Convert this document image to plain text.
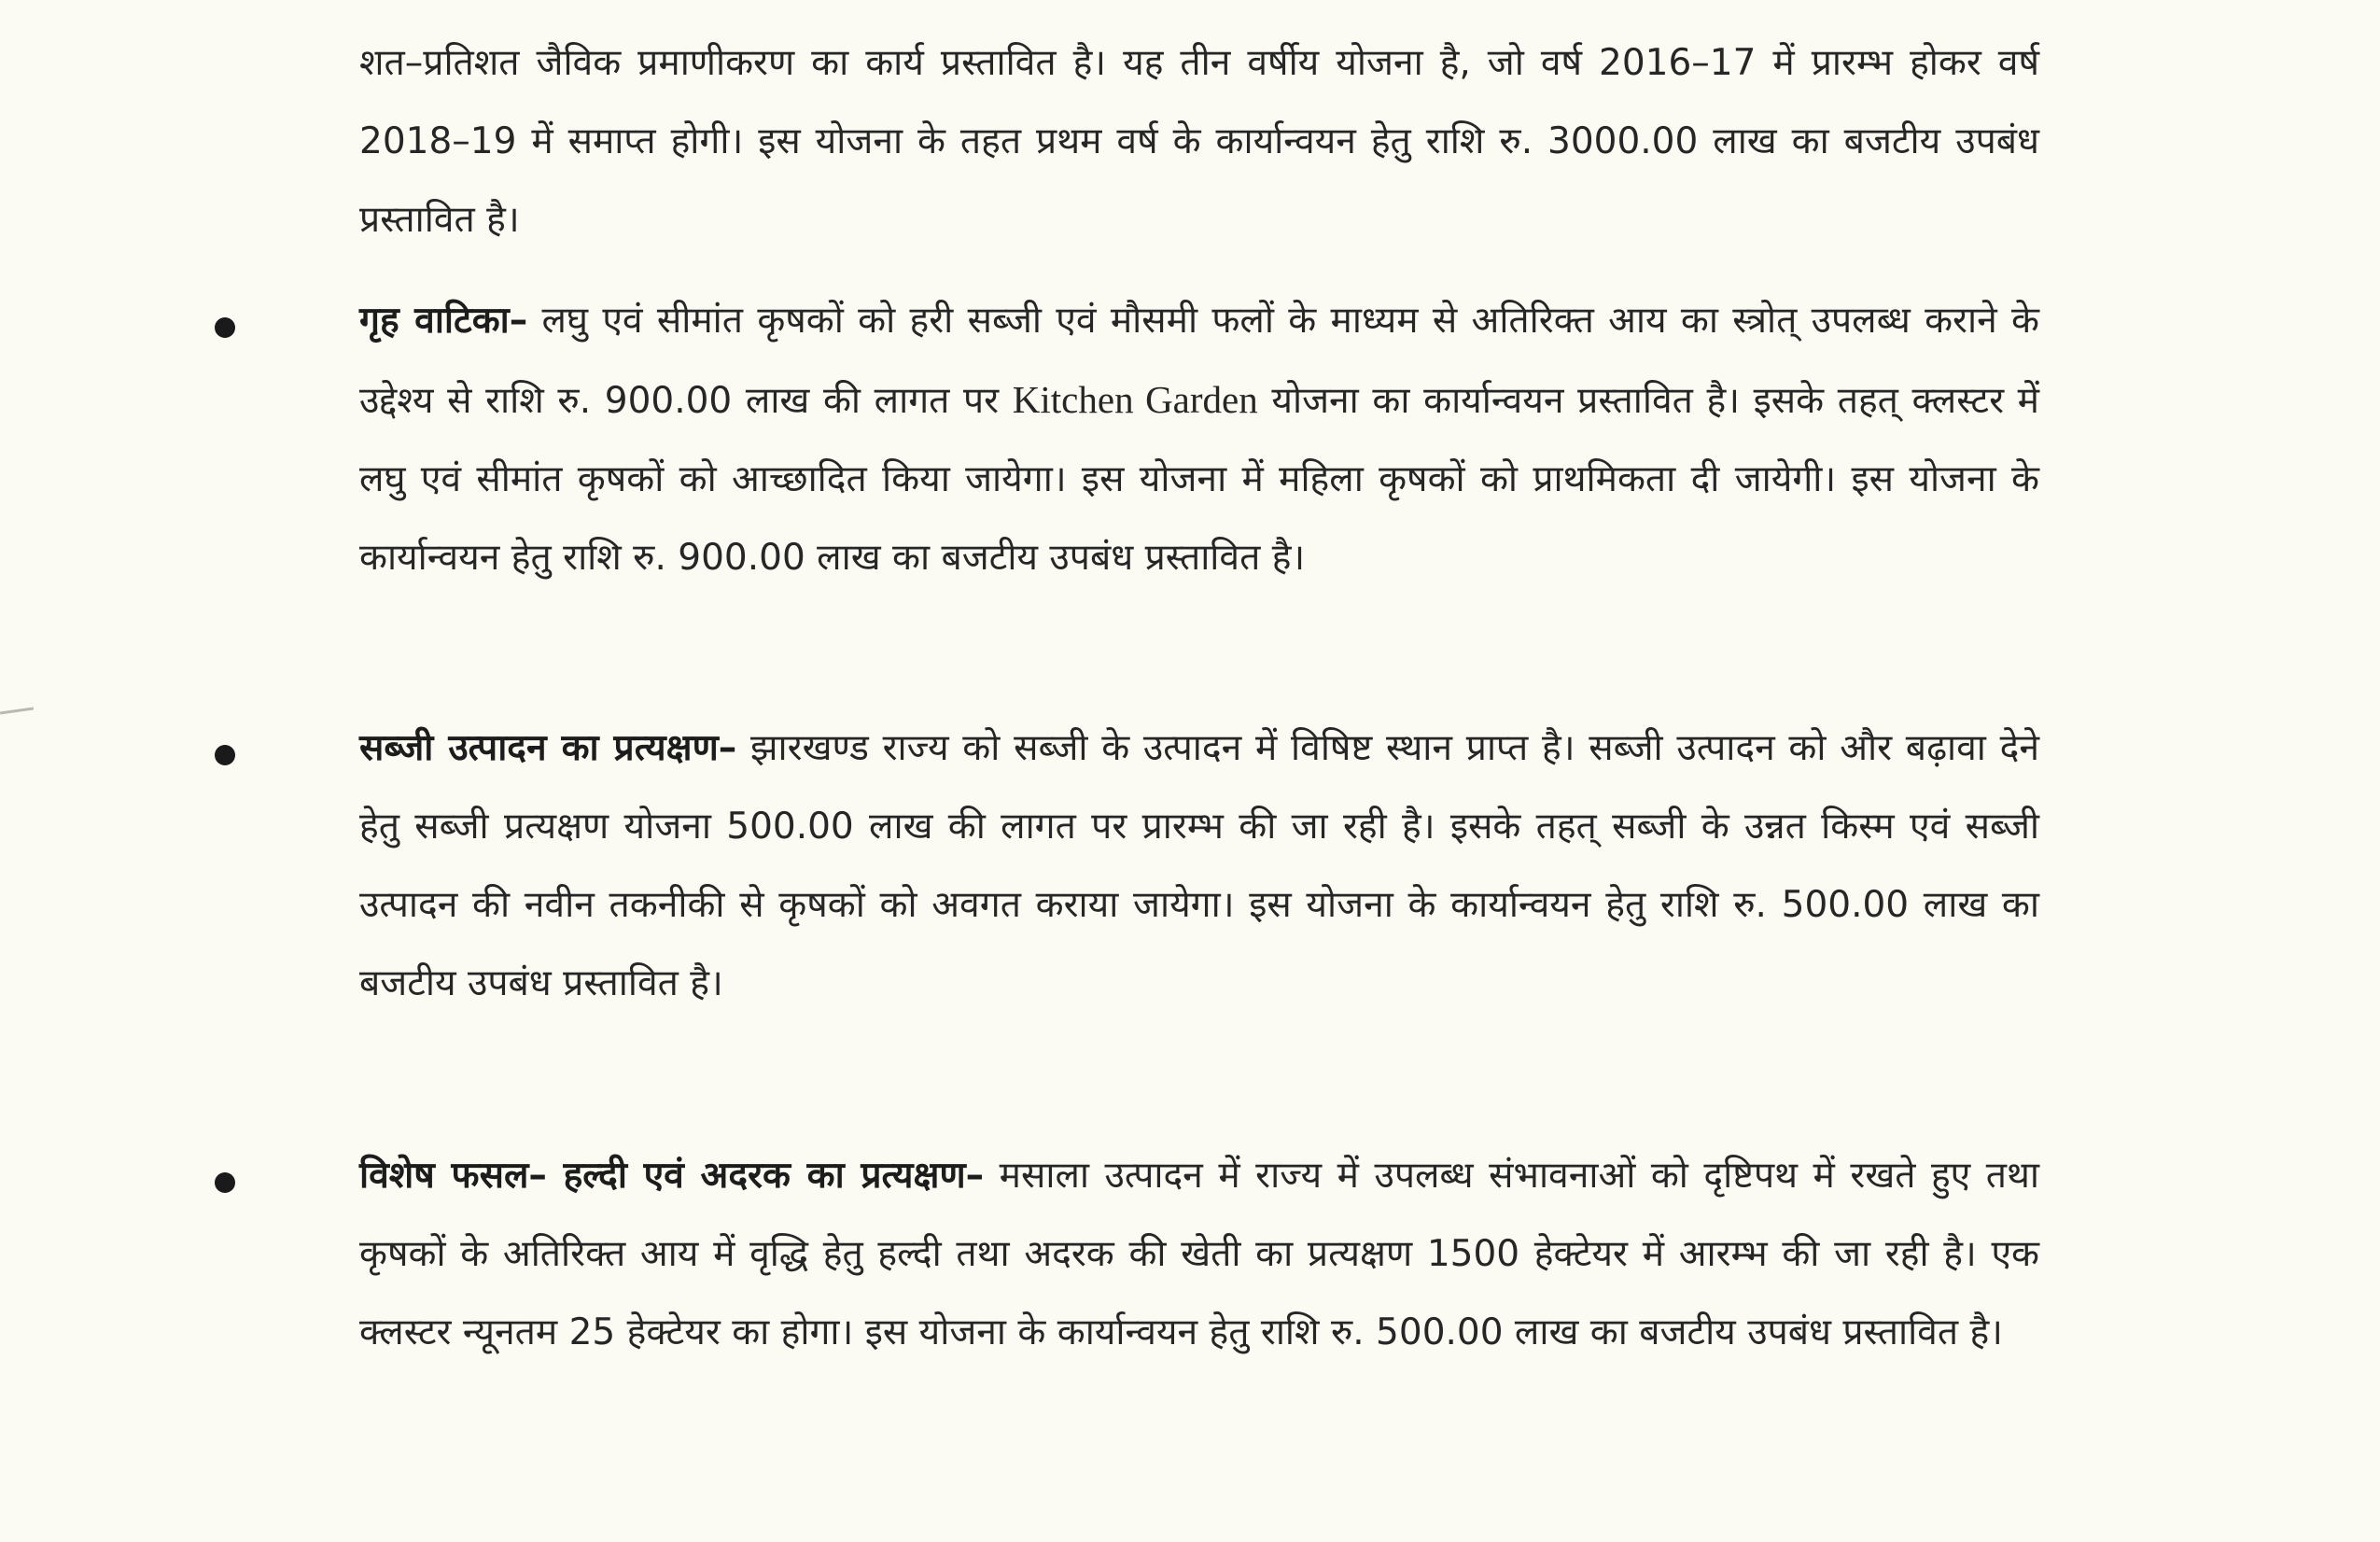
शत–प्रतिशत जैविक प्रमाणीकरण का कार्य प्रस्तावित है। यह तीन वर्षीय योजना है, जो वर्ष 2016–17 में प्रारम्भ होकर वर्ष 2018–19 में समाप्त होगी। इस योजना के तहत प्रथम वर्ष के कार्यान्वयन हेतु राशि रु. 3000.00 लाख का बजटीय उपबंध प्रस्तावित है।

गृह वाटिका– लघु एवं सीमांत कृषकों को हरी सब्जी एवं मौसमी फलों के माध्यम से अतिरिक्त आय का स्त्रोत् उपलब्ध कराने के उद्देश्य से राशि रु. 900.00 लाख की लागत पर Kitchen Garden योजना का कार्यान्वयन प्रस्तावित है। इसके तहत् क्लस्टर में लघु एवं सीमांत कृषकों को आच्छादित किया जायेगा। इस योजना में महिला कृषकों को प्राथमिकता दी जायेगी। इस योजना के कार्यान्वयन हेतु राशि रु. 900.00 लाख का बजटीय उपबंध प्रस्तावित है।

सब्जी उत्पादन का प्रत्यक्षण– झारखण्ड राज्य को सब्जी के उत्पादन में विषिष्ट स्थान प्राप्त है। सब्जी उत्पादन को और बढ़ावा देने हेतु सब्जी प्रत्यक्षण योजना 500.00 लाख की लागत पर प्रारम्भ की जा रही है। इसके तहत् सब्जी के उन्नत किस्म एवं सब्जी उत्पादन की नवीन तकनीकी से कृषकों को अवगत कराया जायेगा। इस योजना के कार्यान्वयन हेतु राशि रु. 500.00 लाख का बजटीय उपबंध प्रस्तावित है।

विशेष फसल– हल्दी एवं अदरक का प्रत्यक्षण– मसाला उत्पादन में राज्य में उपलब्ध संभावनाओं को दृष्टिपथ में रखते हुए तथा कृषकों के अतिरिक्त आय में वृद्धि हेतु हल्दी तथा अदरक की खेती का प्रत्यक्षण 1500 हेक्टेयर में आरम्भ की जा रही है। एक क्लस्टर न्यूनतम 25 हेक्टेयर का होगा। इस योजना के कार्यान्वयन हेतु राशि रु. 500.00 लाख का बजटीय उपबंध प्रस्तावित है।
